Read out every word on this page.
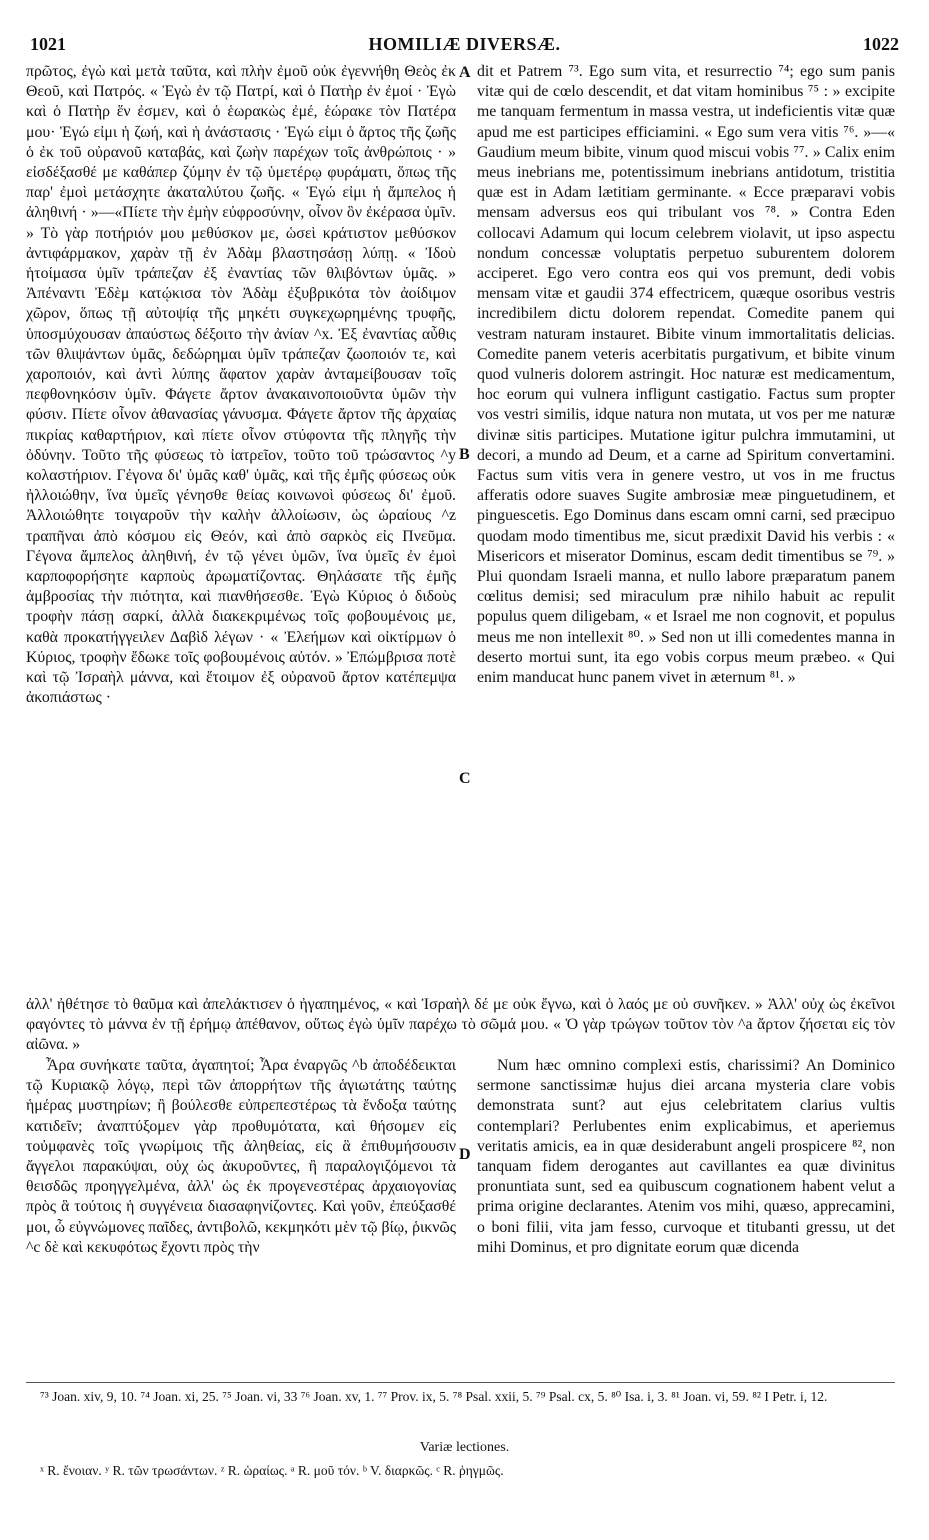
1021	HOMILIÆ DIVERSÆ.	1022

πρῶτος, ἐγὼ καὶ μετὰ ταῦτα, καὶ πλὴν ἐμοῦ οὐκ ἐγεννήθη Θεὸς ἐκ Θεοῦ, καὶ Πατρός. « Ἐγὼ ἐν τῷ Πατρί, καὶ ὁ Πατὴρ ἐν ἐμοί · Ἐγὼ καὶ ὁ Πατὴρ ἕν ἐσμεν, καὶ ὁ ἑωρακὼς ἐμέ, ἑώρακε τὸν Πατέρα μου· Ἐγώ εἰμι ἡ ζωή, καὶ ἡ ἀνάστασις · Ἐγώ εἰμι ὁ ἄρτος τῆς ζωῆς ὁ ἐκ τοῦ οὐρανοῦ καταβάς, καὶ ζωὴν παρέχων τοῖς ἀνθρώποις · » εἰσδέξασθέ με καθάπερ ζύμην ἐν τῷ ὑμετέρῳ φυράματι, ὅπως τῆς παρ' ἐμοὶ μετάσχητε ἀκαταλύτου ζωῆς. « Ἐγώ εἰμι ἡ ἄμπελος ἡ ἀληθινή · »—«Πίετε τὴν ἐμὴν εὐφροσύνην, οἶνον ὃν ἐκέρασα ὑμῖν. » Τὸ γὰρ ποτήριόν μου μεθύσκον με, ὡσεὶ κράτιστον μεθύσκον ἀντιφάρμακον, χαρὰν τῇ ἐν Ἀδὰμ βλαστησάσῃ λύπῃ. « Ἰδοὺ ἡτοίμασα ὑμῖν τράπεζαν ἐξ ἐναντίας τῶν θλιβόντων ὑμᾶς. » Ἀπέναντι Ἐδὲμ κατῴκισα τὸν Ἀδὰμ ἐξυβρικότα τὸν ἀοίδιμον χῶρον, ὅπως τῇ αὐτοψίᾳ τῆς μηκέτι συγκεχωρημένης τρυφῆς, ὑποσμύχουσαν ἀπαύστως δέξοιτο τὴν ἀνίαν ^x. Ἐξ ἐναντίας αὖθις τῶν θλιψάντων ὑμᾶς, δεδώρημαι ὑμῖν τράπεζαν ζωοποιόν τε, καὶ χαροποιόν, καὶ ἀντὶ λύπης ἄφατον χαρὰν ἀνταμείβουσαν τοῖς πεφθονηκόσιν ὑμῖν. Φάγετε ἄρτον ἀνακαινοποιοῦντα ὑμῶν τὴν φύσιν. Πίετε οἶνον ἀθανασίας γάνυσμα. Φάγετε ἄρτον τῆς ἀρχαίας πικρίας καθαρτήριον, καὶ πίετε οἶνον στύφοντα τῆς πληγῆς τὴν ὀδύνην. Τοῦτο τῆς φύσεως τὸ ἰατρεῖον, τοῦτο τοῦ τρώσαντος ^y κολαστήριον. Γέγονα δι' ὑμᾶς καθ' ὑμᾶς, καὶ τῆς ἐμῆς φύσεως οὐκ ἠλλοιώθην, ἵνα ὑμεῖς γένησθε θείας κοινωνοὶ φύσεως δι' ἐμοῦ. Ἀλλοιώθητε τοιγαροῦν τὴν καλὴν ἀλλοίωσιν, ὡς ὡραίους ^z τραπῆναι ἀπὸ κόσμου εἰς Θεόν, καὶ ἀπὸ σαρκὸς εἰς Πνεῦμα. Γέγονα ἄμπελος ἀληθινή, ἐν τῷ γένει ὑμῶν, ἵνα ὑμεῖς ἐν ἐμοὶ καρποφορήσητε καρποὺς ἀρωματίζοντας. Θηλάσατε τῆς ἐμῆς ἀμβροσίας τὴν πιότητα, καὶ πιανθήσεσθε. Ἐγὼ Κύριος ὁ διδοὺς τροφὴν πάσῃ σαρκί, ἀλλὰ διακεκριμένως τοῖς φοβουμένοις με, καθὰ προκατήγγειλεν Δαβὶδ λέγων · « Ἐλεήμων καὶ οἰκτίρμων ὁ Κύριος, τροφὴν ἔδωκε τοῖς φοβουμένοις αὐτόν. » Ἐπώμβρισα ποτὲ καὶ τῷ Ἰσραὴλ μάννα, καὶ ἕτοιμον ἐξ οὐρανοῦ ἄρτον κατέπεμψα ἀκοπιάστως ·

dit et Patrem ⁷³. Ego sum vita, et resurrectio ⁷⁴; ego sum panis vitæ qui de cœlo descendit, et dat vitam hominibus ⁷⁵ : » excipite me tanquam fermentum in massa vestra, ut indeficientis vitæ quæ apud me est participes efficiamini. « Ego sum vera vitis ⁷⁶. »—« Gaudium meum bibite, vinum quod miscui vobis ⁷⁷. » Calix enim meus inebrians me, potentissimum inebrians antidotum, tristitia quæ est in Adam lætitiam germinante. « Ecce præparavi vobis mensam adversus eos qui tribulant vos ⁷⁸. » Contra Eden collocavi Adamum qui locum celebrem violavit, ut ipso aspectu nondum concessæ voluptatis perpetuo suburentem dolorem acciperet. Ego vero contra eos qui vos premunt, dedi vobis mensam vitæ et gaudii 374 effectricem, quæque osoribus vestris incredibilem dictu dolorem rependat. Comedite panem qui vestram naturam instauret. Bibite vinum immortalitatis delicias. Comedite panem veteris acerbitatis purgativum, et bibite vinum quod vulneris dolorem astringit. Hoc naturæ est medicamentum, hoc eorum qui vulnera infligunt castigatio. Factus sum propter vos vestri similis, idque natura non mutata, ut vos per me naturæ divinæ sitis participes. Mutatione igitur pulchra immutamini, ut decori, a mundo ad Deum, et a carne ad Spiritum convertamini. Factus sum vitis vera in genere vestro, ut vos in me fructus afferatis odore suaves Sugite ambrosiæ meæ pinguetudinem, et pinguescetis. Ego Dominus dans escam omni carni, sed præcipuo quodam modo timentibus me, sicut prædixit David his verbis : « Misericors et miserator Dominus, escam dedit timentibus se ⁷⁹. » Plui quondam Israeli manna, et nullo labore præparatum panem cœlitus demisi; sed miraculum præ nihilo habuit ac repulit populus quem diligebam, « et Israel me non cognovit, et populus meus me non intellexit ⁸⁰. » Sed non ut illi comedentes manna in deserto mortui sunt, ita ego vobis corpus meum præbeo. « Qui enim manducat hunc panem vivet in æternum ⁸¹. »

A
B
C
D
ἀλλ' ἠθέτησε τὸ θαῦμα καὶ ἀπελάκτισεν ὁ ἠγαπημένος, « καὶ Ἰσραὴλ δέ με οὐκ ἔγνω, καὶ ὁ λαός με οὐ συνῆκεν. » Ἀλλ' οὐχ ὡς ἐκεῖνοι φαγόντες τὸ μάννα ἐν τῇ ἐρήμῳ ἀπέθανον, οὕτως ἐγὼ ὑμῖν παρέχω τὸ σῶμά μου. « Ὁ γὰρ τρώγων τοῦτον τὸν ^a ἄρτον ζήσεται εἰς τὸν αἰῶνα. »
Ἆρα συνήκατε ταῦτα, ἀγαπητοί; Ἆρα ἐναργῶς ^b ἀποδέδεικται τῷ Κυριακῷ λόγῳ, περὶ τῶν ἀπορρήτων τῆς ἁγιωτάτης ταύτης ἡμέρας μυστηρίων; ἢ βούλεσθε εὐπρεπεστέρως τὰ ἔνδοξα ταύτης κατιδεῖν; ἀναπτύξομεν γὰρ προθυμότατα, καὶ θήσομεν εἰς τοὐμφανὲς τοῖς γνωρίμοις τῆς ἀληθείας, εἰς ἃ ἐπιθυμήσουσιν ἄγγελοι παρακύψαι, οὐχ ὡς ἀκυροῦντες, ἢ παραλογιζόμενοι τὰ θεισδῶς προηγγελμένα, ἀλλ' ὡς ἐκ προγενεστέρας ἀρχαιογονίας πρὸς ἃ τούτοις ἡ συγγένεια διασαφηνίζοντες. Καὶ γοῦν, ἐπεύξασθέ μοι, ὦ εὐγνώμονες παῖδες, ἀντιβολῶ, κεκμηκότι μὲν τῷ βίῳ, ῥικνῶς ^c δὲ καὶ κεκυφότως ἔχοντι πρὸς τὴν
Num hæc omnino complexi estis, charissimi? An Dominico sermone sanctissimæ hujus diei arcana mysteria clare vobis demonstrata sunt? aut ejus celebritatem clarius vultis contemplari? Perlubentes enim explicabimus, et aperiemus veritatis amicis, ea in quæ desiderabunt angeli prospicere ⁸², non tanquam fidem derogantes aut cavillantes ea quæ divinitus pronuntiata sunt, sed ea quibuscum cognationem habent velut a prima origine declarantes. Atenim vos mihi, quæso, apprecamini, o boni filii, vita jam fesso, curvoque et titubanti gressu, ut det mihi Dominus, et pro dignitate eorum quæ dicenda
⁷³ Joan. xiv, 9, 10. ⁷⁴ Joan. xi, 25. ⁷⁵ Joan. vi, 33 ⁷⁶ Joan. xv, 1. ⁷⁷ Prov. ix, 5. ⁷⁸ Psal. xxii, 5. ⁷⁹ Psal. cx, 5. ⁸⁰ Isa. i, 3. ⁸¹ Joan. vi, 59. ⁸² I Petr. i, 12.
Variæ lectiones.
ˣ R. ἔνοιαν. ʸ R. τῶν τρωσάντων. ᶻ R. ὡραίως. ᵃ R. μοῦ τόν. ᵇ V. διαρκῶς. ᶜ R. ῥηγμῶς.
